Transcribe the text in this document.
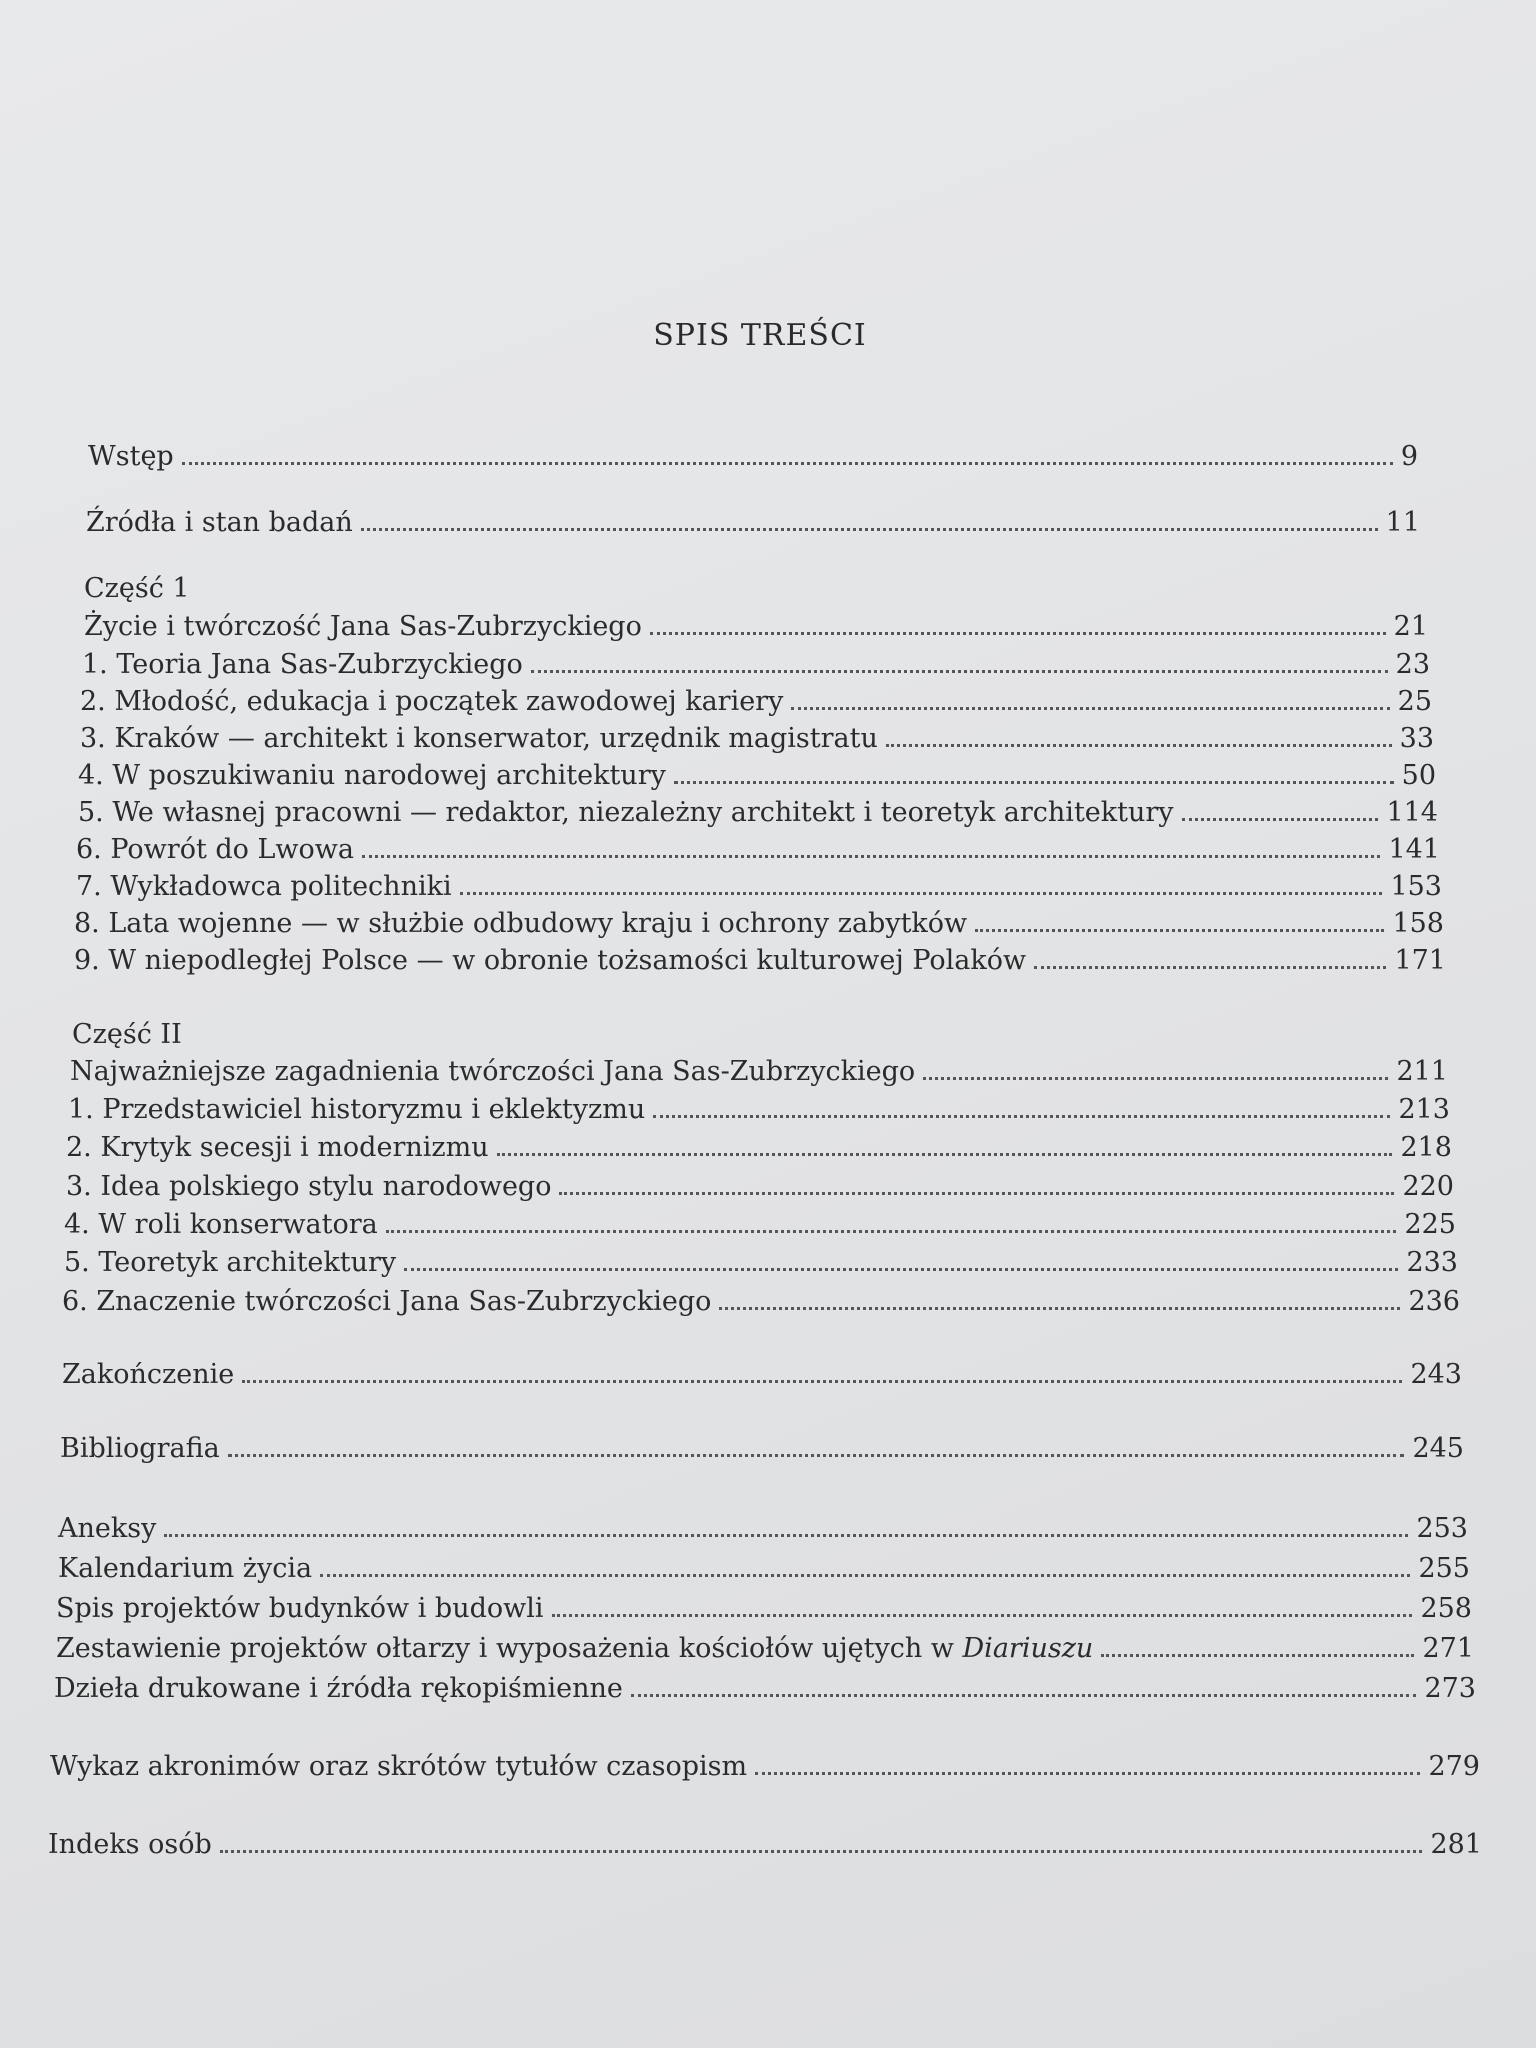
SPIS TREŚCI
Wstęp	9
Źródła i stan badań	11
Część 1
Życie i twórczość Jana Sas-Zubrzyckiego	21
1. Teoria Jana Sas-Zubrzyckiego	23
2. Młodość, edukacja i początek zawodowej kariery	25
3. Kraków — architekt i konserwator, urzędnik magistratu	33
4. W poszukiwaniu narodowej architektury	50
5. We własnej pracowni — redaktor, niezależny architekt i teoretyk architektury	114
6. Powrót do Lwowa	141
7. Wykładowca politechniki	153
8. Lata wojenne — w służbie odbudowy kraju i ochrony zabytków	158
9. W niepodległej Polsce — w obronie tożsamości kulturowej Polaków	171
Część II
Najważniejsze zagadnienia twórczości Jana Sas-Zubrzyckiego	211
1. Przedstawiciel historyzmu i eklektyzmu	213
2. Krytyk secesji i modernizmu	218
3. Idea polskiego stylu narodowego	220
4. W roli konserwatora	225
5. Teoretyk architektury	233
6. Znaczenie twórczości Jana Sas-Zubrzyckiego	236
Zakończenie	243
Bibliografia	245
Aneksy	253
Kalendarium życia	255
Spis projektów budynków i budowli	258
Zestawienie projektów ołtarzy i wyposażenia kościołów ujętych w Diariuszu	271
Dzieła drukowane i źródła rękopiśmienne	273
Wykaz akronimów oraz skrótów tytułów czasopism	279
Indeks osób	281
